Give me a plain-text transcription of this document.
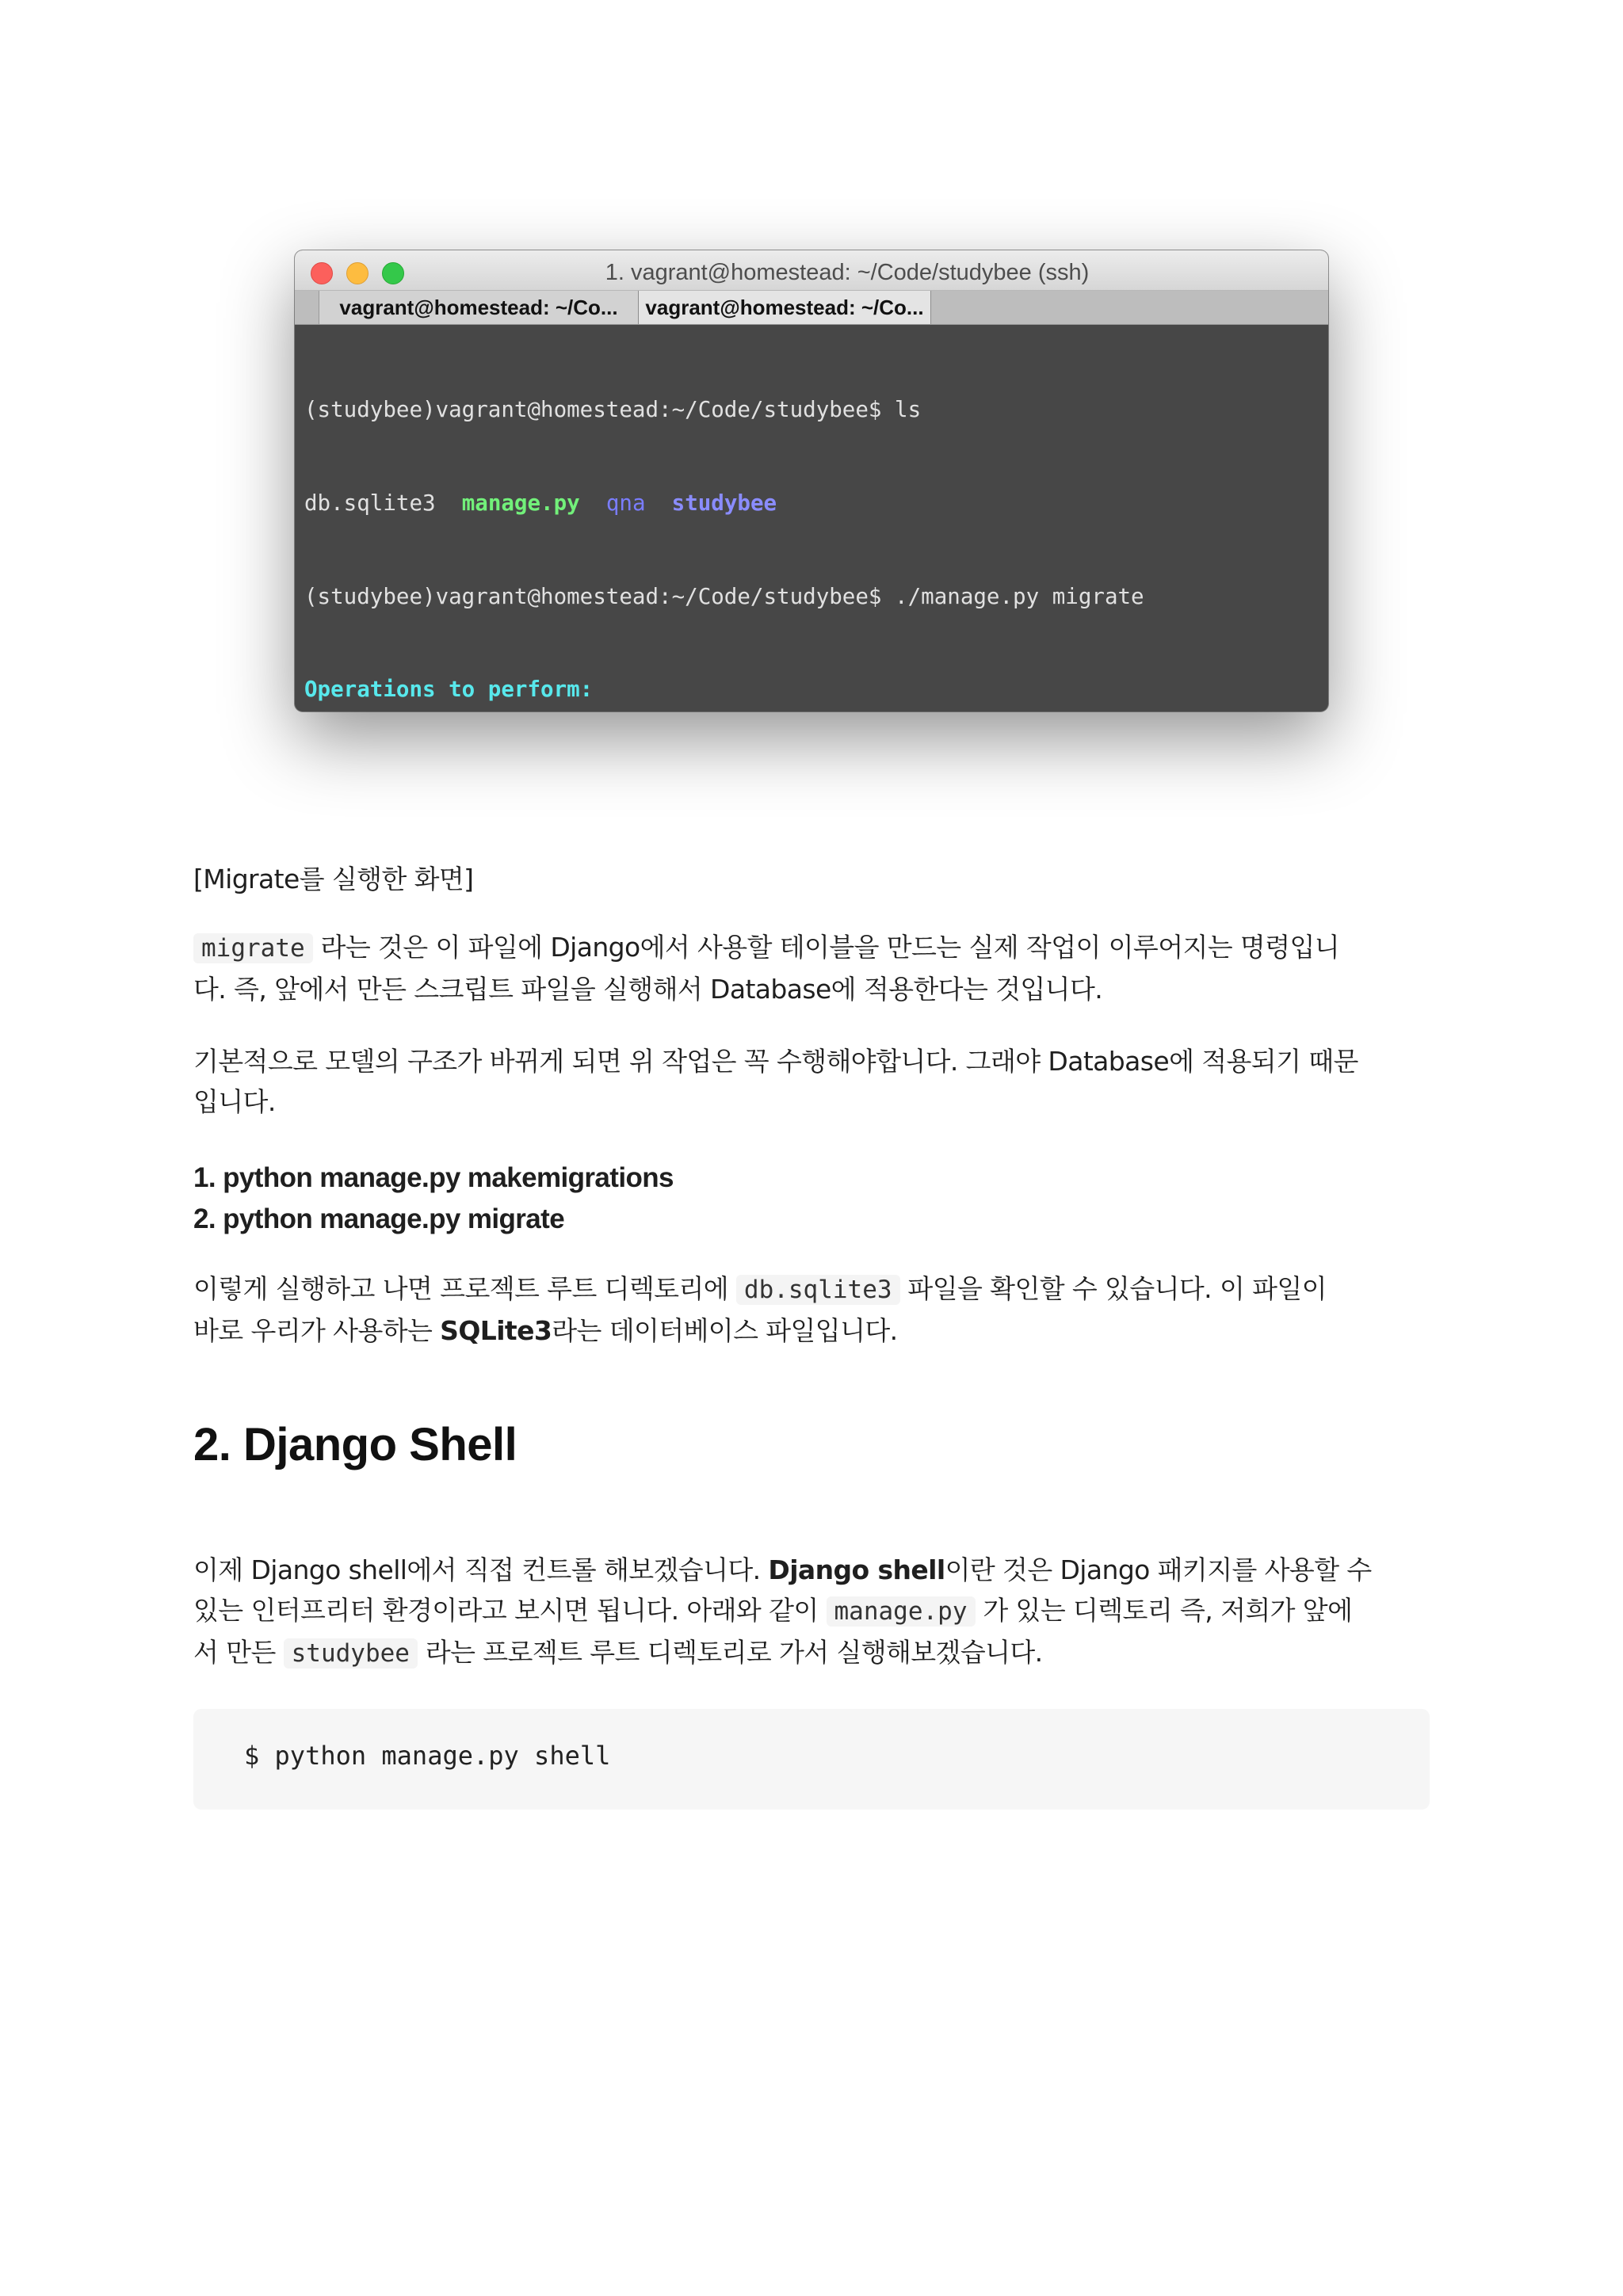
1. vagrant@homestead: ~/Code/studybee (ssh)
vagrant@homestead: ~/Co...	vagrant@homestead: ~/Co...

(studybee)vagrant@homestead:~/Code/studybee$ ls

db.sqlite3 manage.py qna studybee

(studybee)vagrant@homestead:~/Code/studybee$ ./manage.py migrate

Operations to perform:

[Migrate를 실행한 화면]
migrate 라는 것은 이 파일에 Django에서 사용할 테이블을 만드는 실제 작업이 이루어지는 명령입니
다. 즉, 앞에서 만든 스크립트 파일을 실행해서 Database에 적용한다는 것입니다.
기본적으로 모델의 구조가 바뀌게 되면 위 작업은 꼭 수행해야합니다. 그래야 Database에 적용되기 때문
입니다.
1. python manage.py makemigrations
2. python manage.py migrate
이렇게 실행하고 나면 프로젝트 루트 디렉토리에 db.sqlite3 파일을 확인할 수 있습니다. 이 파일이
바로 우리가 사용하는 SQLite3라는 데이터베이스 파일입니다.
2. Django Shell
이제 Django shell에서 직접 컨트롤 해보겠습니다. Django shell이란 것은 Django 패키지를 사용할 수
있는 인터프리터 환경이라고 보시면 됩니다. 아래와 같이 manage.py 가 있는 디렉토리 즉, 저희가 앞에
서 만든 studybee 라는 프로젝트 루트 디렉토리로 가서 실행해보겠습니다.
$ python manage.py shell
